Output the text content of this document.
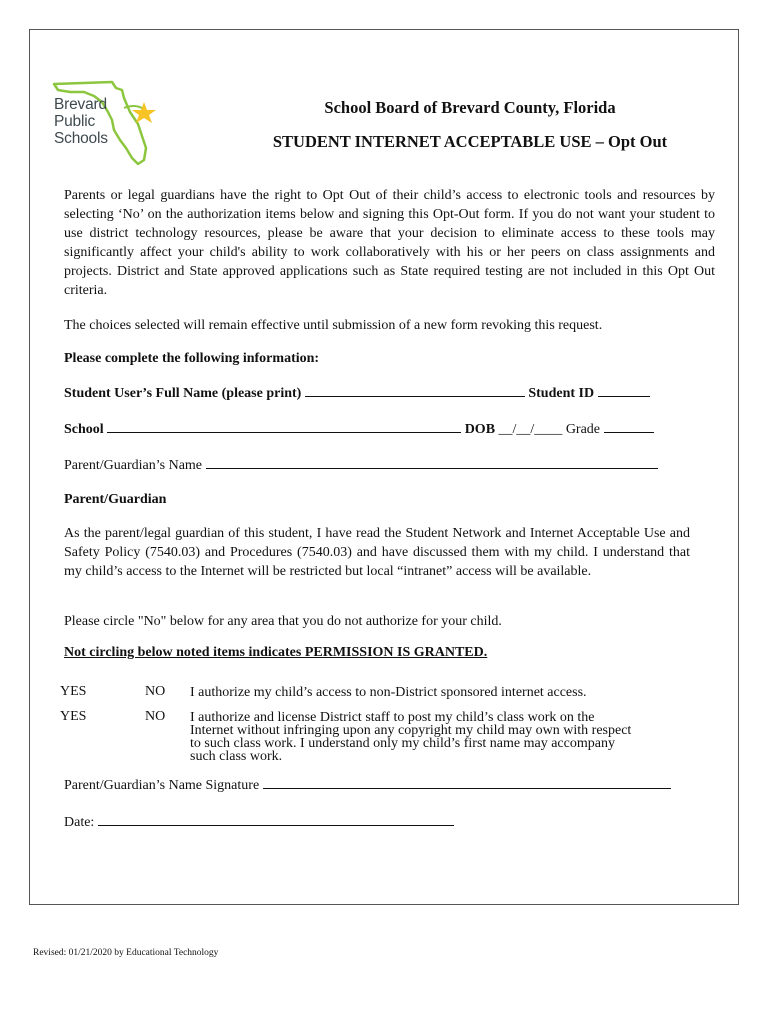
Brevard
Public
Schools
School Board of Brevard County, Florida
STUDENT INTERNET ACCEPTABLE USE – Opt Out

Parents or legal guardians have the right to Opt Out of their child’s access to electronic tools and resources by selecting ‘No’ on the authorization items below and signing this Opt-Out form. If you do not want your student to use district technology resources, please be aware that your decision to eliminate access to these tools may significantly affect your child's ability to work collaboratively with his or her peers on class assignments and projects. District and State approved applications such as State required testing are not included in this Opt Out criteria.

The choices selected will remain effective until submission of a new form revoking this request.

Please complete the following information:

Student User’s Full Name (please print)	Student ID
School	DOB __/__/____ Grade
Parent/Guardian’s Name

Parent/Guardian

As the parent/legal guardian of this student, I have read the Student Network and Internet Acceptable Use and Safety Policy (7540.03) and Procedures (7540.03) and have discussed them with my child. I understand that my child’s access to the Internet will be restricted but local “intranet” access will be available.

Please circle "No" below for any area that you do not authorize for your child.

Not circling below noted items indicates PERMISSION IS GRANTED.

YES	NO I authorize my child’s access to non-District sponsored internet access.
YES	NO I authorize and license District staff to post my child’s class work on the Internet without infringing upon any copyright my child may own with respect to such class work. I understand only my child’s first name may accompany such class work.
Parent/Guardian’s Name Signature
Date:
Revised: 01/21/2020 by Educational Technology
